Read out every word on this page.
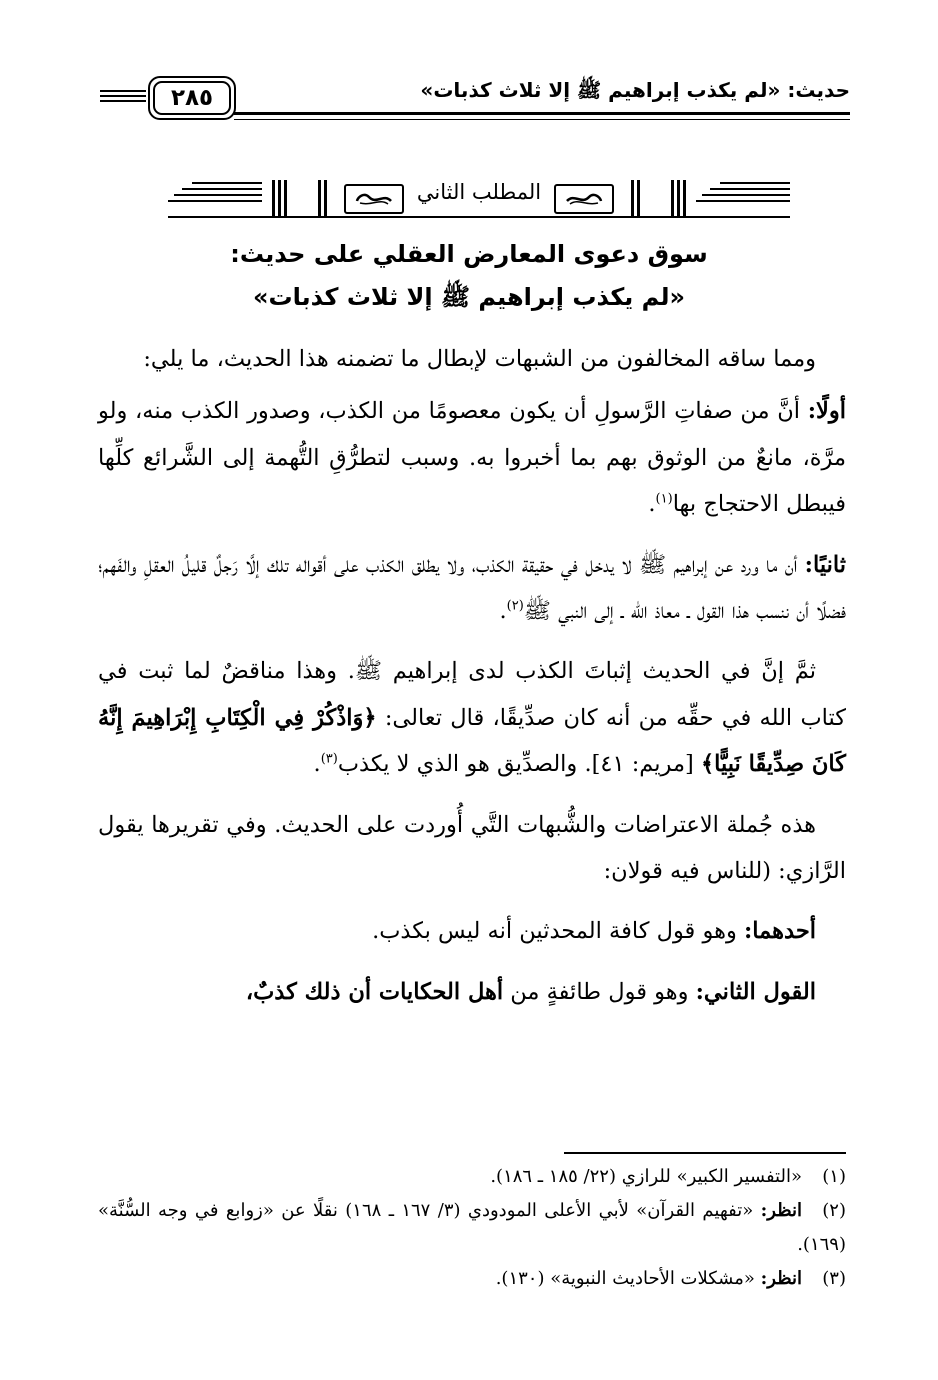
حديث: «لم يكذب إبراهيم ﷺ إلا ثلاث كذبات»
٢٨٥
المطلب الثاني
سوق دعوى المعارض العقلي على حديث:
«لم يكذب إبراهيم ﷺ إلا ثلاث كذبات»

ومما ساقه المخالفون من الشبهات لإبطال ما تضمنه هذا الحديث، ما يلي:

أولًا: أنَّ من صفاتِ الرَّسولِ أن يكون معصومًا من الكذب، وصدور الكذب منه، ولو مرَّة، مانعٌ من الوثوق بهم بما أخبروا به. وسبب لتطرُّقِ التُّهمة إلى الشَّرائع كلِّها فيبطل الاحتجاج بها$^{(١)}$.

ثانيًا: أن ما ورد عن إبراهيم ﷺ لا يدخل في حقيقة الكذب، ولا يطلق الكذب على أقواله تلك إلَّا رَجلٌ قليلُ العقلِ والفَهم؛ فضلًا أن ننسب هذا القول ـ معاذ الله ـ إلى النبي ﷺ$^{(٢)}$.

ثمَّ إنَّ في الحديث إثباتَ الكذب لدى إبراهيم ﷺ. وهذا مناقضٌ لما ثبت في كتاب الله في حقِّه من أنه كان صدِّيقًا، قال تعالى: ﴿وَاذْكُرْ فِي الْكِتَابِ إِبْرَاهِيمَ إِنَّهُ كَانَ صِدِّيقًا نَبِيًّا﴾ [مريم: ٤١]. والصدِّيق هو الذي لا يكذب$^{(٣)}$.

هذه جُملة الاعتراضات والشُّبهات التَّي أُوردت على الحديث. وفي تقريرها يقول الرَّازي: (للناس فيه قولان:

أحدهما: وهو قول كافة المحدثين أنه ليس بكذب.

القول الثاني: وهو قول طائفةٍ من أهل الحكايات أن ذلك كذبٌ،

(١)«التفسير الكبير» للرازي (٢٢/ ١٨٥ ـ ١٨٦).

(٢)انظر: «تفهيم القرآن» لأبي الأعلى المودودي (٣/ ١٦٧ ـ ١٦٨) نقلًا عن «زوابع في وجه السُّنَّة» (١٦٩).

(٣)انظر: «مشكلات الأحاديث النبوية» (١٣٠).
